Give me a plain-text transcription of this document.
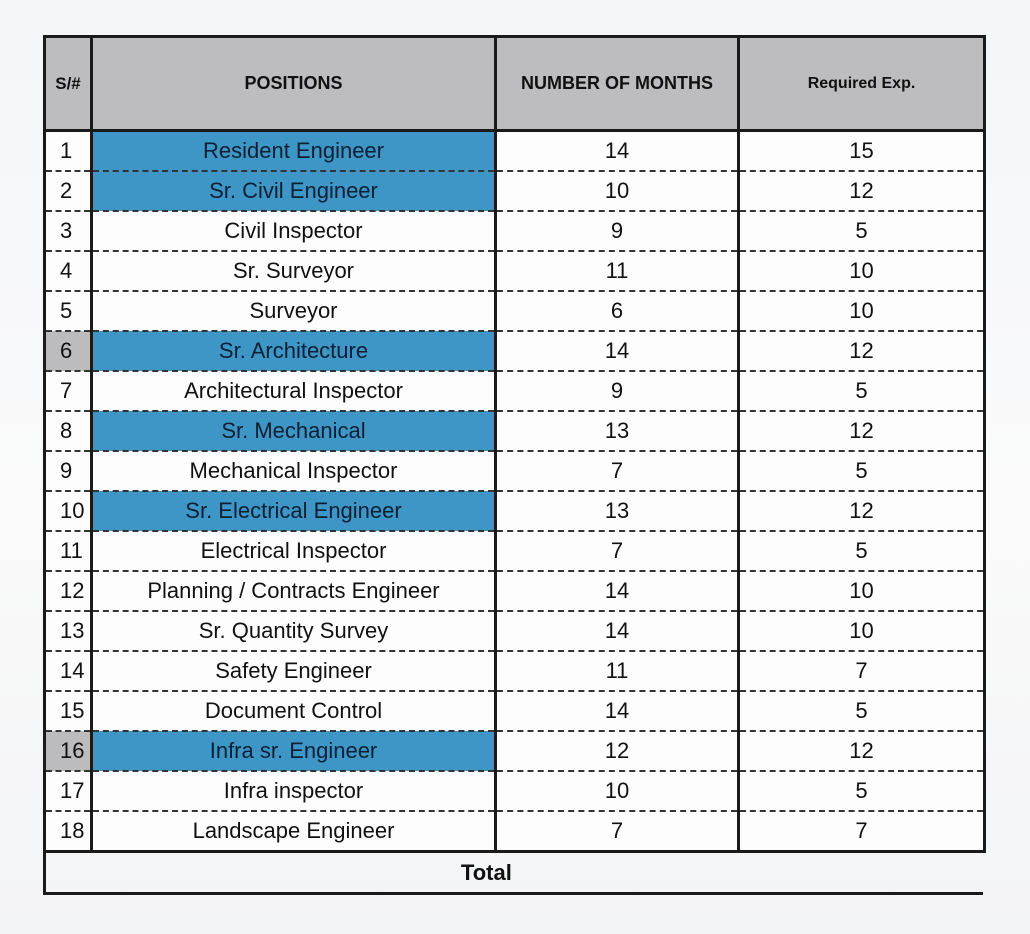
S/#	POSITIONS	NUMBER OF MONTHS	Required Exp.
1	Resident Engineer	14	15
2	Sr. Civil Engineer	10	12
3	Civil Inspector	9	5
4	Sr. Surveyor	11	10
5	Surveyor	6	10
6	Sr. Architecture	14	12
7	Architectural Inspector	9	5
8	Sr. Mechanical	13	12
9	Mechanical Inspector	7	5
10	Sr. Electrical Engineer	13	12
11	Electrical Inspector	7	5
12	Planning / Contracts Engineer	14	10
13	Sr. Quantity Survey	14	10
14	Safety Engineer	11	7
15	Document Control	14	5
16	Infra sr. Engineer	12	12
17	Infra inspector	10	5
18	Landscape Engineer	7	7
Total
